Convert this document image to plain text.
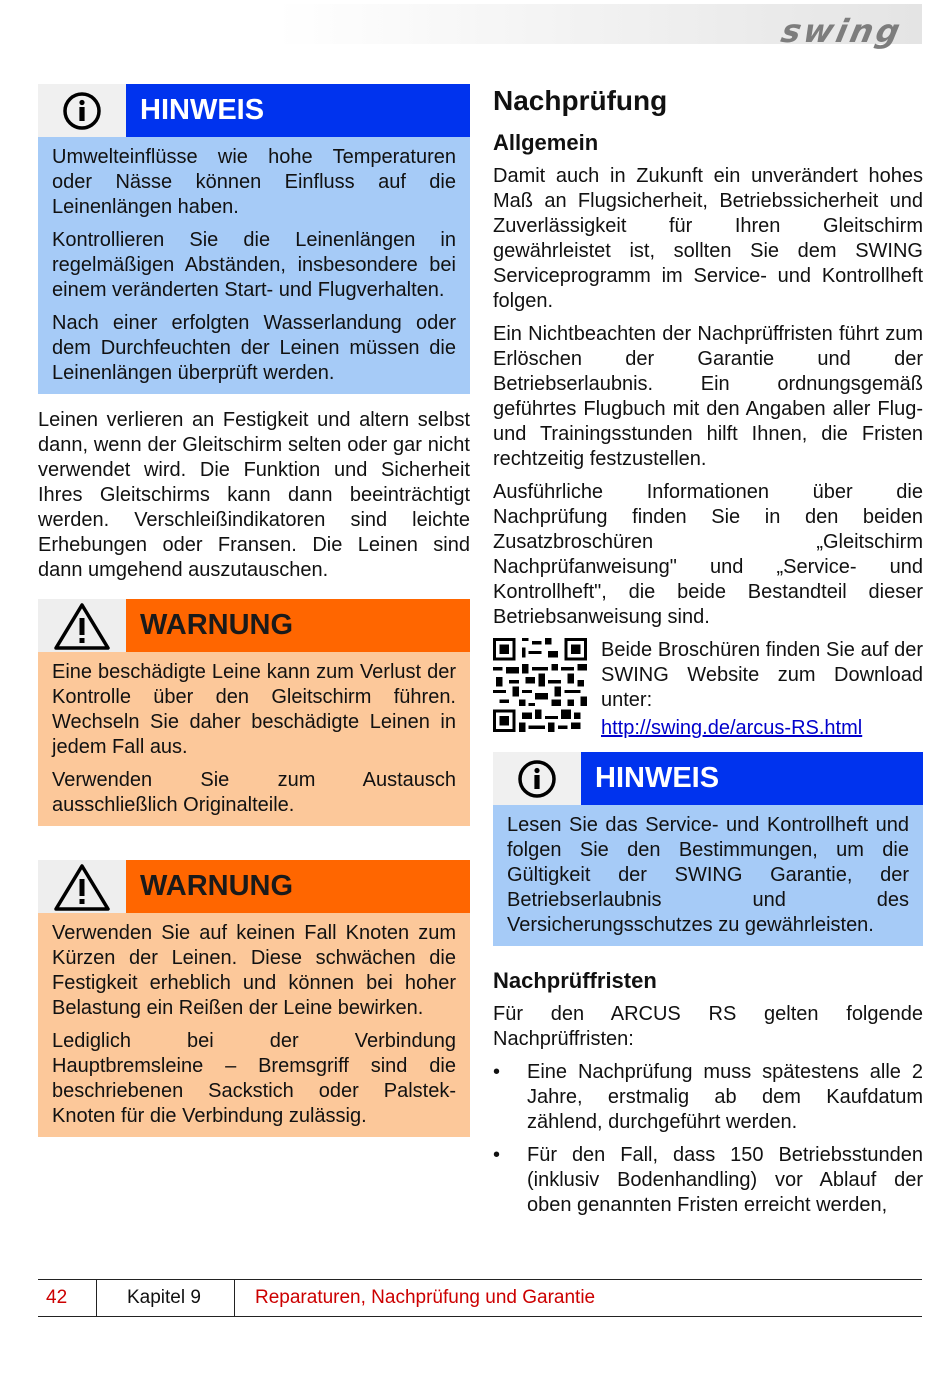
swing
HINWEIS

Umwelteinflüsse wie hohe Temperaturen oder Nässe können Einfluss auf die Leinenlängen haben.

Kontrollieren Sie die Leinenlängen in regelmäßigen Abständen, insbesondere bei einem veränderten Start- und Flugverhalten.

Nach einer erfolgten Wasserlandung oder dem Durchfeuchten der Leinen müssen die Leinenlängen überprüft werden.

Leinen verlieren an Festigkeit und altern selbst dann, wenn der Gleitschirm selten oder gar nicht verwendet wird. Die Funktion und Sicherheit Ihres Gleitschirms kann dann beeinträchtigt werden. Verschleißindikatoren sind leichte Erhebungen oder Fransen. Die Leinen sind dann umgehend auszutauschen.

WARNUNG

Eine beschädigte Leine kann zum Verlust der Kontrolle über den Gleitschirm führen. Wechseln Sie daher beschädigte Leinen in jedem Fall aus.

Verwenden Sie zum Austausch ausschließlich Originalteile.

WARNUNG

Verwenden Sie auf keinen Fall Knoten zum Kürzen der Leinen. Diese schwächen die Festigkeit erheblich und können bei hoher Belastung ein Reißen der Leine bewirken.

Lediglich bei der Verbindung Hauptbremsleine – Bremsgriff sind die beschriebenen Sackstich oder Palstek-Knoten für die Verbindung zulässig.

Nachprüfung
Allgemein

Damit auch in Zukunft ein unverändert hohes Maß an Flugsicherheit, Betriebssicherheit und Zuverlässigkeit für Ihren Gleitschirm gewährleistet ist, sollten Sie dem SWING Serviceprogramm im Service- und Kontrollheft folgen.

Ein Nichtbeachten der Nachprüffristen führt zum Erlöschen der Garantie und der Betriebserlaubnis. Ein ordnungsgemäß geführtes Flugbuch mit den Angaben aller Flug- und Trainingsstunden hilft Ihnen, die Fristen rechtzeitig festzustellen.

Ausführliche Informationen über die Nachprüfung finden Sie in den beiden Zusatzbroschüren „Gleitschirm Nachprüfanweisung" und „Service- und Kontrollheft", die beide Bestandteil dieser Betriebsanweisung sind.

Beide Broschüren finden Sie auf der SWING Website zum Download unter:

http://swing.de/arcus-RS.html
HINWEIS

Lesen Sie das Service- und Kontrollheft und folgen Sie den Bestimmungen, um die Gültigkeit der SWING Garantie, der Betriebserlaubnis und des Versicherungsschutzes zu gewährleisten.

Nachprüffristen

Für den ARCUS RS gelten folgende Nachprüffristen:

•	Eine Nachprüfung muss spätestens alle 2 Jahre, erstmalig ab dem Kaufdatum zählend, durchgeführt werden.

•	Für den Fall, dass 150 Betriebsstunden (inklusiv Bodenhandling) vor Ablauf der oben genannten Fristen erreicht werden,

42	Kapitel 9	Reparaturen, Nachprüfung und Garantie
